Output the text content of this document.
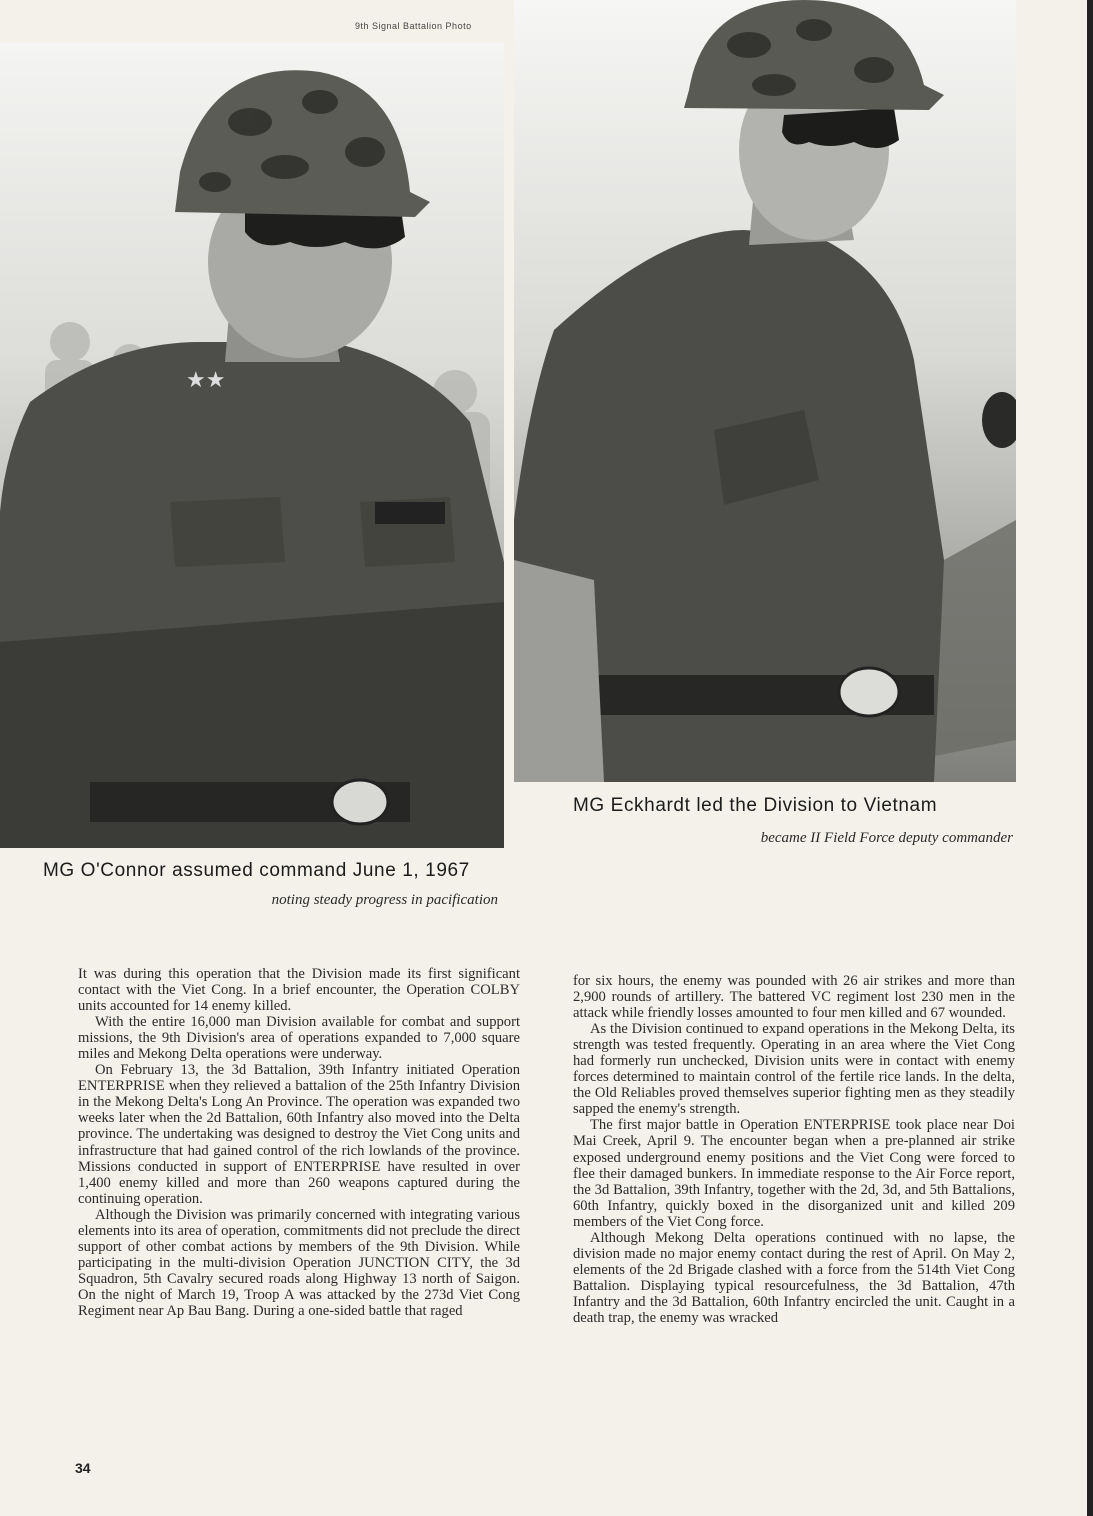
9th Signal Battalion Photo
★★
MG Eckhardt led the Division to Vietnam
became II Field Force deputy commander
MG O'Connor assumed command June 1, 1967
noting steady progress in pacification

It was during this operation that the Division made its first significant contact with the Viet Cong. In a brief encounter, the Operation COLBY units accounted for 14 enemy killed.

With the entire 16,000 man Division available for combat and support missions, the 9th Division's area of operations expanded to 7,000 square miles and Mekong Delta operations were underway.

On February 13, the 3d Battalion, 39th Infantry initiated Operation ENTERPRISE when they relieved a battalion of the 25th Infantry Division in the Mekong Delta's Long An Province. The operation was expanded two weeks later when the 2d Battalion, 60th Infantry also moved into the Delta province. The undertaking was designed to destroy the Viet Cong units and infrastructure that had gained control of the rich lowlands of the province. Missions conducted in support of ENTERPRISE have resulted in over 1,400 enemy killed and more than 260 weapons captured during the continuing operation.

Although the Division was primarily concerned with integrating various elements into its area of operation, commitments did not preclude the direct support of other combat actions by members of the 9th Division. While participating in the multi-division Operation JUNCTION CITY, the 3d Squadron, 5th Cavalry secured roads along Highway 13 north of Saigon. On the night of March 19, Troop A was attacked by the 273d Viet Cong Regiment near Ap Bau Bang. During a one-sided battle that raged

for six hours, the enemy was pounded with 26 air strikes and more than 2,900 rounds of artillery. The battered VC regiment lost 230 men in the attack while friendly losses amounted to four men killed and 67 wounded.

As the Division continued to expand operations in the Mekong Delta, its strength was tested frequently. Operating in an area where the Viet Cong had formerly run unchecked, Division units were in contact with enemy forces determined to maintain control of the fertile rice lands. In the delta, the Old Reliables proved themselves superior fighting men as they steadily sapped the enemy's strength.

The first major battle in Operation ENTERPRISE took place near Doi Mai Creek, April 9. The encounter began when a pre-planned air strike exposed underground enemy positions and the Viet Cong were forced to flee their damaged bunkers. In immediate response to the Air Force report, the 3d Battalion, 39th Infantry, together with the 2d, 3d, and 5th Battalions, 60th Infantry, quickly boxed in the disorganized unit and killed 209 members of the Viet Cong force.

Although Mekong Delta operations continued with no lapse, the division made no major enemy contact during the rest of April. On May 2, elements of the 2d Brigade clashed with a force from the 514th Viet Cong Battalion. Displaying typical resourcefulness, the 3d Battalion, 47th Infantry and the 3d Battalion, 60th Infantry encircled the unit. Caught in a death trap, the enemy was wracked

34
